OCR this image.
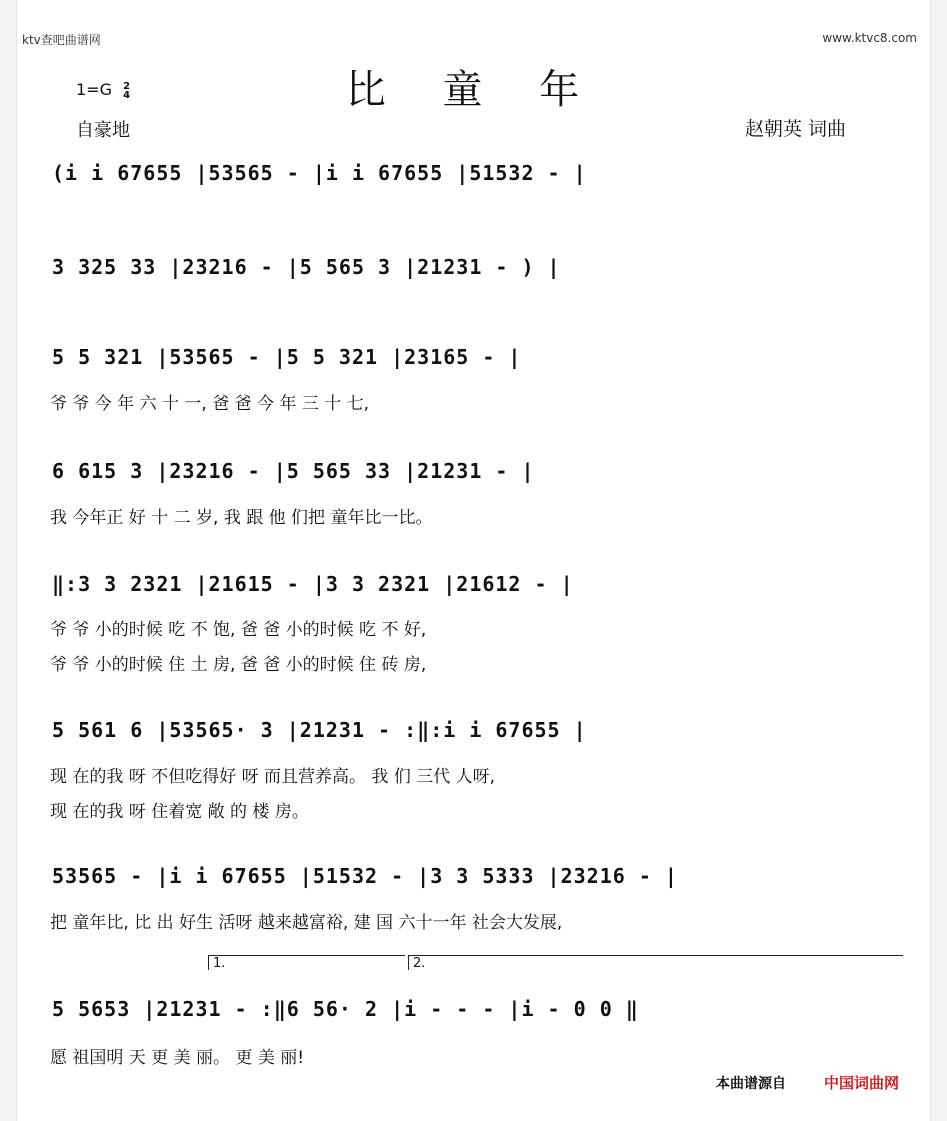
ktv查吧曲谱网	www.ktvc8.com
比 童 年
1=G 2
4
自豪地	赵朝英 词曲
(i i 67655 |53565 - |i i 67655 |51532 - |
3 325 33 |23216 - |5 565 3 |21231 - ) |
5 5 321 |53565 - |5 5 321 |23165 - |
爷 爷 今 年 六 十 一, 爸 爸 今 年 三 十 七,
6 615 3 |23216 - |5 565 33 |21231 - |
我 今年正 好 十 二 岁, 我 跟 他 们把 童年比一比。
‖:3 3 2321 |21615 - |3 3 2321 |21612 - |
爷 爷 小的时候 吃 不 饱, 爸 爸 小的时候 吃 不 好,
爷 爷 小的时候 住 土 房, 爸 爸 小的时候 住 砖 房,
5 561 6 |53565· 3 |21231 - :‖:i i 67655 |
现 在的我 呀 不但吃得好 呀 而且营养高。 我 们 三代 人呀,
现 在的我 呀 住着宽 敞 的 楼 房。
53565 - |i i 67655 |51532 - |3 3 5333 |23216 - |
把 童年比, 比 出 好生 活呀 越来越富裕, 建 国 六十一年 社会大发展,
1.	2.
5 5653 |21231 - :‖6 56· 2 |i - - - |i - 0 0 ‖
愿 祖国明 天 更 美 丽。 更 美 丽!
本曲谱源自	中国词曲网
